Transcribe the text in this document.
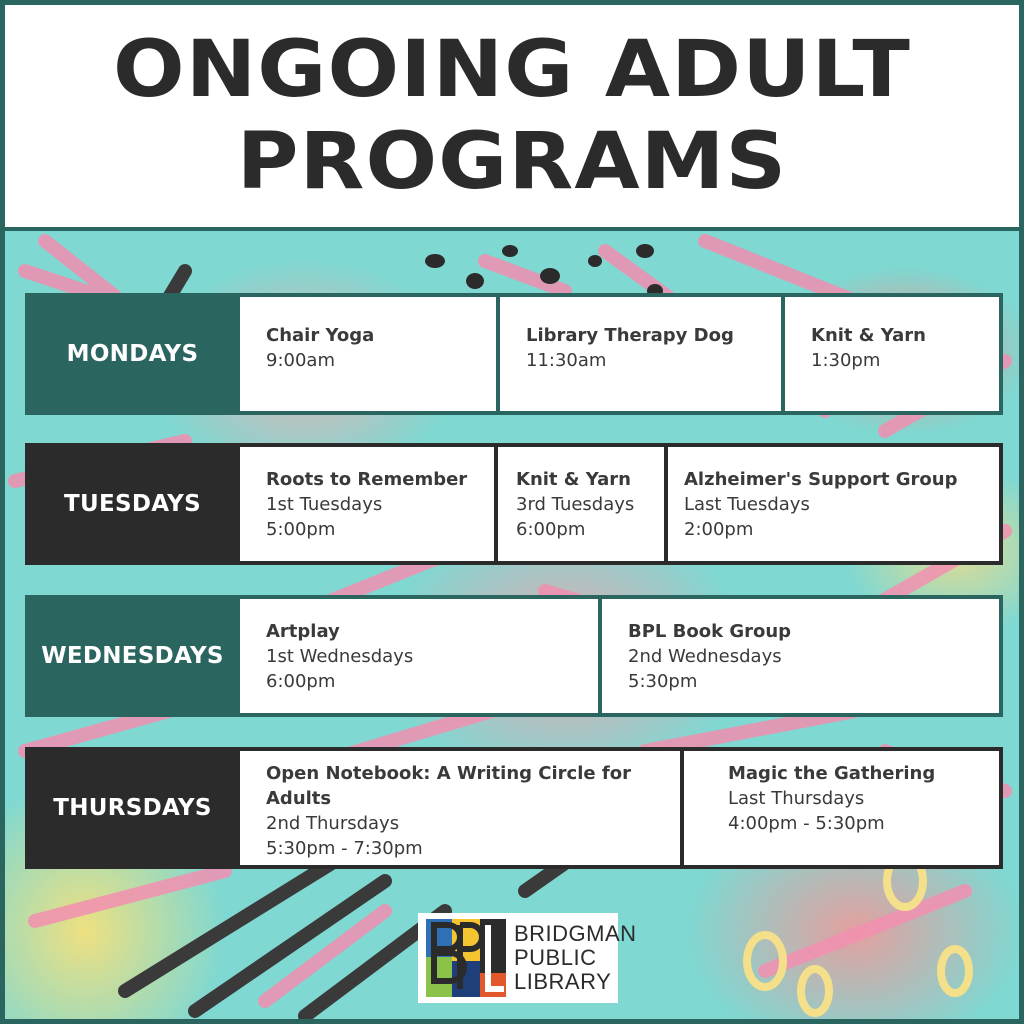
ONGOING ADULT PROGRAMS
MONDAYS
Chair Yoga
9:00am
Library Therapy Dog
11:30am
Knit & Yarn
1:30pm
TUESDAYS
Roots to Remember
1st Tuesdays
5:00pm
Knit & Yarn
3rd Tuesdays
6:00pm
Alzheimer's Support Group
Last Tuesdays
2:00pm
WEDNESDAYS
Artplay
1st Wednesdays
6:00pm
BPL Book Group
2nd Wednesdays
5:30pm
THURSDAYS
Open Notebook: A Writing Circle for Adults
2nd Thursdays
5:30pm - 7:30pm
Magic the Gathering
Last Thursdays
4:00pm - 5:30pm
BRIDGMAN
PUBLIC
LIBRARY
